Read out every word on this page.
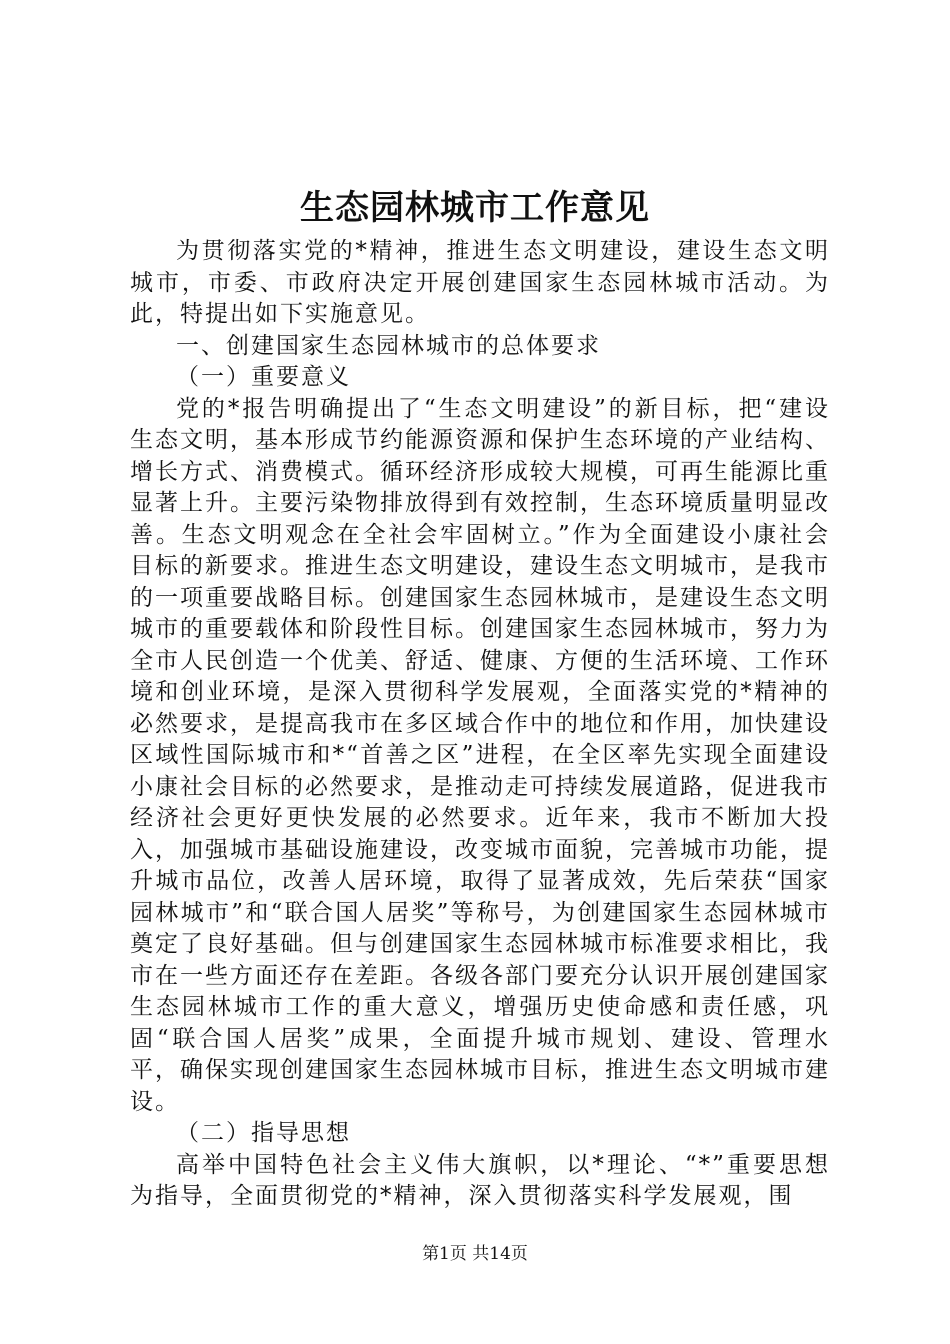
生态园林城市工作意见

为贯彻落实党的*精神，推进生态文明建设，建设生态文明城市，市委、市政府决定开展创建国家生态园林城市活动。为此，特提出如下实施意见。

一、创建国家生态园林城市的总体要求

（一）重要意义

党的*报告明确提出了“生态文明建设”的新目标，把“建设生态文明，基本形成节约能源资源和保护生态环境的产业结构、增长方式、消费模式。循环经济形成较大规模，可再生能源比重显著上升。主要污染物排放得到有效控制，生态环境质量明显改善。生态文明观念在全社会牢固树立。”作为全面建设小康社会目标的新要求。推进生态文明建设，建设生态文明城市，是我市的一项重要战略目标。创建国家生态园林城市，是建设生态文明城市的重要载体和阶段性目标。创建国家生态园林城市，努力为全市人民创造一个优美、舒适、健康、方便的生活环境、工作环境和创业环境，是深入贯彻科学发展观，全面落实党的*精神的必然要求，是提高我市在多区域合作中的地位和作用，加快建设区域性国际城市和*“首善之区”进程，在全区率先实现全面建设小康社会目标的必然要求，是推动走可持续发展道路，促进我市经济社会更好更快发展的必然要求。近年来，我市不断加大投入，加强城市基础设施建设，改变城市面貌，完善城市功能，提升城市品位，改善人居环境，取得了显著成效，先后荣获“国家园林城市”和“联合国人居奖”等称号，为创建国家生态园林城市奠定了良好基础。但与创建国家生态园林城市标准要求相比，我市在一些方面还存在差距。各级各部门要充分认识开展创建国家生态园林城市工作的重大意义，增强历史使命感和责任感，巩固“联合国人居奖”成果，全面提升城市规划、建设、管理水平，确保实现创建国家生态园林城市目标，推进生态文明城市建设。

（二）指导思想

高举中国特色社会主义伟大旗帜，以*理论、“*”重要思想为指导，全面贯彻党的*精神，深入贯彻落实科学发展观，围

第1页 共14页
